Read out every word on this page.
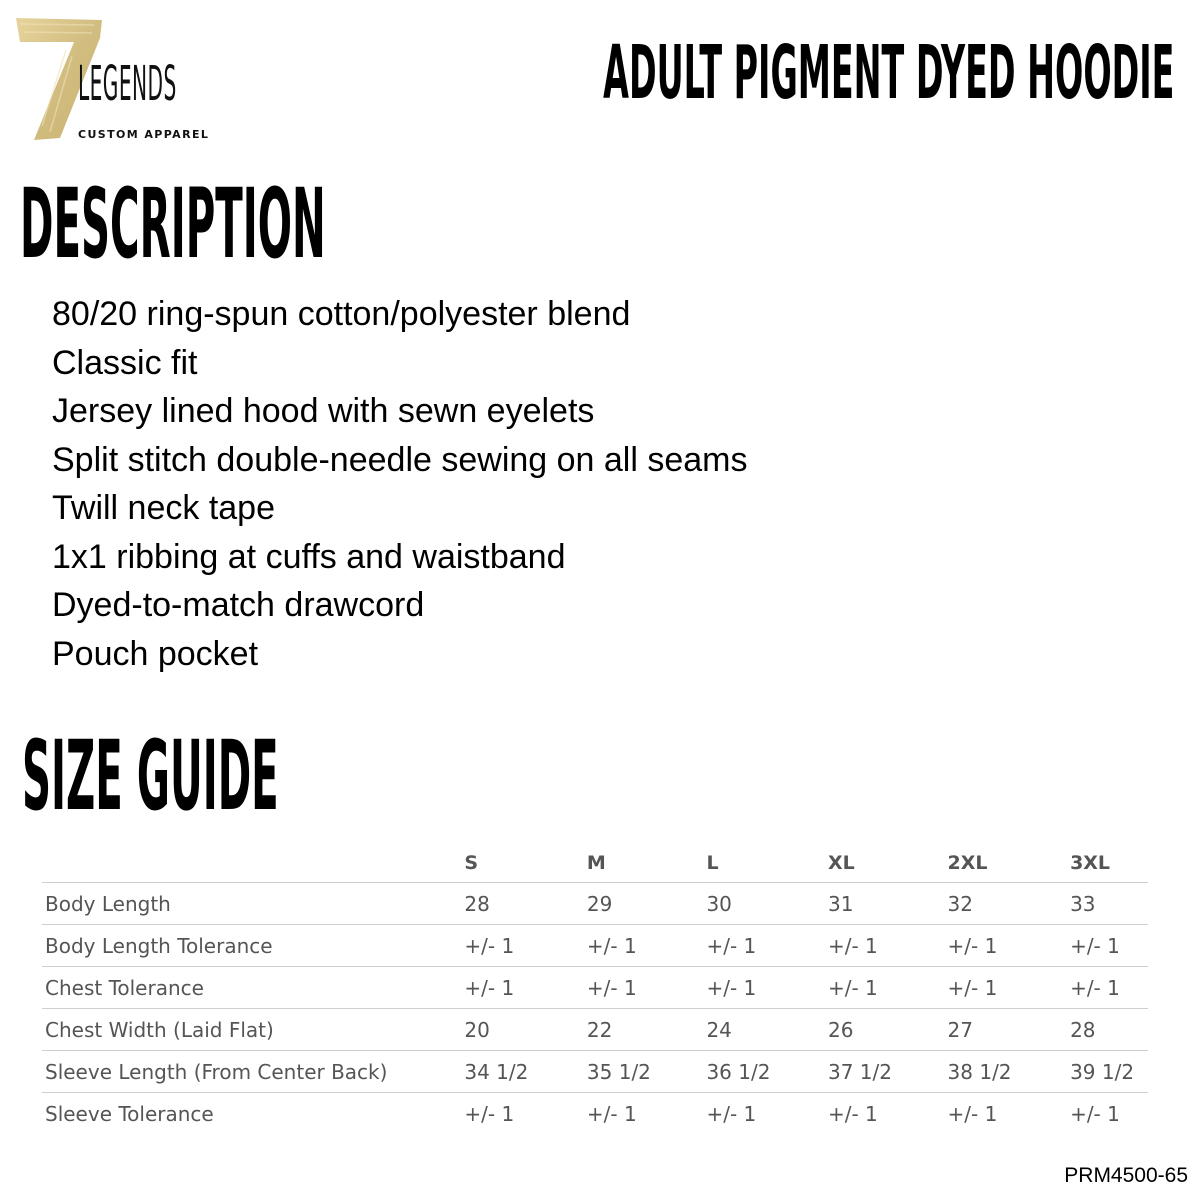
LEGENDS
CUSTOM APPAREL
ADULT PIGMENT DYED HOODIE
DESCRIPTION
80/20 ring-spun cotton/polyester blend
Classic fit
Jersey lined hood with sewn eyelets
Split stitch double-needle sewing on all seams
Twill neck tape
1x1 ribbing at cuffs and waistband
Dyed-to-match drawcord
Pouch pocket
SIZE GUIDE
	S	M	L	XL	2XL	3XL
Body Length	28	29	30	31	32	33
Body Length Tolerance	+/- 1	+/- 1	+/- 1	+/- 1	+/- 1	+/- 1
Chest Tolerance	+/- 1	+/- 1	+/- 1	+/- 1	+/- 1	+/- 1
Chest Width (Laid Flat)	20	22	24	26	27	28
Sleeve Length (From Center Back)	34 1/2	35 1/2	36 1/2	37 1/2	38 1/2	39 1/2
Sleeve Tolerance	+/- 1	+/- 1	+/- 1	+/- 1	+/- 1	+/- 1
PRM4500-65
